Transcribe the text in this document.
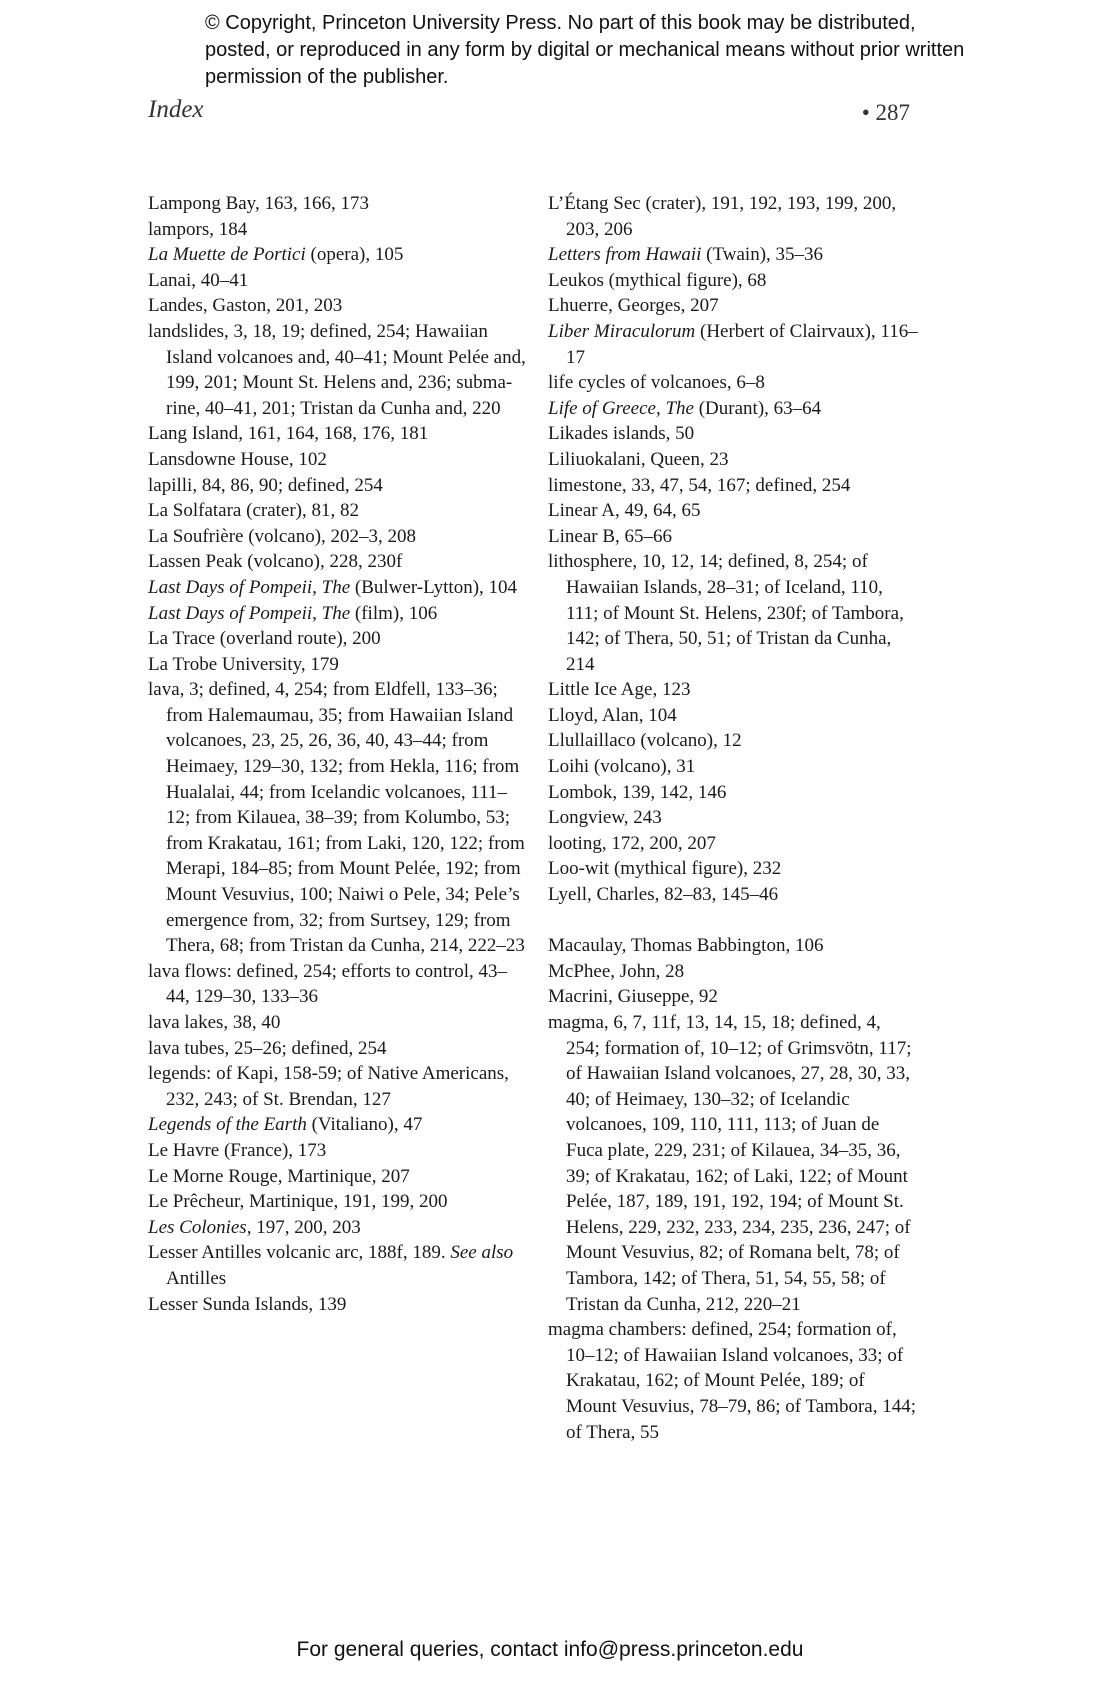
© Copyright, Princeton University Press. No part of this book may be distributed, posted, or reproduced in any form by digital or mechanical means without prior written permission of the publisher.
Index	• 287
Lampong Bay, 163, 166, 173
lampors, 184
La Muette de Portici (opera), 105
Lanai, 40–41
Landes, Gaston, 201, 203
landslides, 3, 18, 19; defined, 254; Hawaiian Island volcanoes and, 40–41; Mount Pelée and, 199, 201; Mount St. Helens and, 236; submarine, 40–41, 201; Tristan da Cunha and, 220
Lang Island, 161, 164, 168, 176, 181
Lansdowne House, 102
lapilli, 84, 86, 90; defined, 254
La Solfatara (crater), 81, 82
La Soufrière (volcano), 202–3, 208
Lassen Peak (volcano), 228, 230f
Last Days of Pompeii, The (Bulwer-Lytton), 104
Last Days of Pompeii, The (film), 106
La Trace (overland route), 200
La Trobe University, 179
lava, 3; defined, 4, 254; from Eldfell, 133–36; from Halemaumau, 35; from Hawaiian Island volcanoes, 23, 25, 26, 36, 40, 43–44; from Heimaey, 129–30, 132; from Hekla, 116; from Hualalai, 44; from Icelandic volcanoes, 111–12; from Kilauea, 38–39; from Kolumbo, 53; from Krakatau, 161; from Laki, 120, 122; from Merapi, 184–85; from Mount Pelée, 192; from Mount Vesuvius, 100; Naiwi o Pele, 34; Pele’s emergence from, 32; from Surtsey, 129; from Thera, 68; from Tristan da Cunha, 214, 222–23
lava flows: defined, 254; efforts to control, 43–44, 129–30, 133–36
lava lakes, 38, 40
lava tubes, 25–26; defined, 254
legends: of Kapi, 158-59; of Native Americans, 232, 243; of St. Brendan, 127
Legends of the Earth (Vitaliano), 47
Le Havre (France), 173
Le Morne Rouge, Martinique, 207
Le Prêcheur, Martinique, 191, 199, 200
Les Colonies, 197, 200, 203
Lesser Antilles volcanic arc, 188f, 189. See also Antilles
Lesser Sunda Islands, 139
L’Étang Sec (crater), 191, 192, 193, 199, 200, 203, 206
Letters from Hawaii (Twain), 35–36
Leukos (mythical figure), 68
Lhuerre, Georges, 207
Liber Miraculorum (Herbert of Clairvaux), 116–17
life cycles of volcanoes, 6–8
Life of Greece, The (Durant), 63–64
Likades islands, 50
Liliuokalani, Queen, 23
limestone, 33, 47, 54, 167; defined, 254
Linear A, 49, 64, 65
Linear B, 65–66
lithosphere, 10, 12, 14; defined, 8, 254; of Hawaiian Islands, 28–31; of Iceland, 110, 111; of Mount St. Helens, 230f; of Tambora, 142; of Thera, 50, 51; of Tristan da Cunha, 214
Little Ice Age, 123
Lloyd, Alan, 104
Llullaillaco (volcano), 12
Loihi (volcano), 31
Lombok, 139, 142, 146
Longview, 243
looting, 172, 200, 207
Loo-wit (mythical figure), 232
Lyell, Charles, 82–83, 145–46
Macaulay, Thomas Babbington, 106
McPhee, John, 28
Macrini, Giuseppe, 92
magma, 6, 7, 11f, 13, 14, 15, 18; defined, 4, 254; formation of, 10–12; of Grimsvötn, 117; of Hawaiian Island volcanoes, 27, 28, 30, 33, 40; of Heimaey, 130–32; of Icelandic volcanoes, 109, 110, 111, 113; of Juan de Fuca plate, 229, 231; of Kilauea, 34–35, 36, 39; of Krakatau, 162; of Laki, 122; of Mount Pelée, 187, 189, 191, 192, 194; of Mount St. Helens, 229, 232, 233, 234, 235, 236, 247; of Mount Vesuvius, 82; of Romana belt, 78; of Tambora, 142; of Thera, 51, 54, 55, 58; of Tristan da Cunha, 212, 220–21
magma chambers: defined, 254; formation of, 10–12; of Hawaiian Island volcanoes, 33; of Krakatau, 162; of Mount Pelée, 189; of Mount Vesuvius, 78–79, 86; of Tambora, 144; of Thera, 55
For general queries, contact info@press.princeton.edu
